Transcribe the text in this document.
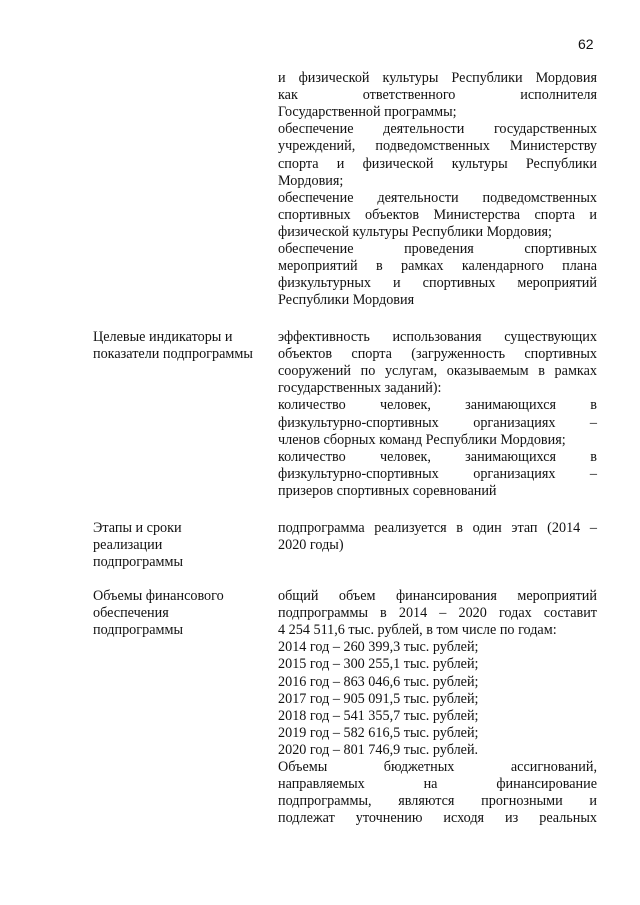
62
и физической культуры Республики Мордовия
как ответственного исполнителя
Государственной программы;
обеспечение деятельности государственных
учреждений, подведомственных Министерству
спорта и физической культуры Республики
Мордовия;
обеспечение деятельности подведомственных
спортивных объектов Министерства спорта и
физической культуры Республики Мордовия;
обеспечение проведения спортивных
мероприятий в рамках календарного плана
физкультурных и спортивных мероприятий
Республики Мордовия
Целевые индикаторы и
показатели подпрограммы
эффективность использования существующих
объектов спорта (загруженность спортивных
сооружений по услугам, оказываемым в рамках
государственных заданий):
количество человек, занимающихся в
физкультурно-спортивных организациях –
членов сборных команд Республики Мордовия;
количество человек, занимающихся в
физкультурно-спортивных организациях –
призеров спортивных соревнований
Этапы и сроки
реализации
подпрограммы
подпрограмма реализуется в один этап (2014 –
2020 годы)
Объемы финансового
обеспечения
подпрограммы
общий объем финансирования мероприятий
подпрограммы в 2014 – 2020 годах составит
4 254 511,6 тыс. рублей, в том числе по годам:
2014 год – 260 399,3 тыс. рублей;
2015 год – 300 255,1 тыс. рублей;
2016 год – 863 046,6 тыс. рублей;
2017 год – 905 091,5 тыс. рублей;
2018 год – 541 355,7 тыс. рублей;
2019 год – 582 616,5 тыс. рублей;
2020 год – 801 746,9 тыс. рублей.
Объемы бюджетных ассигнований,
направляемых на финансирование
подпрограммы, являются прогнозными и
подлежат уточнению исходя из реальных
